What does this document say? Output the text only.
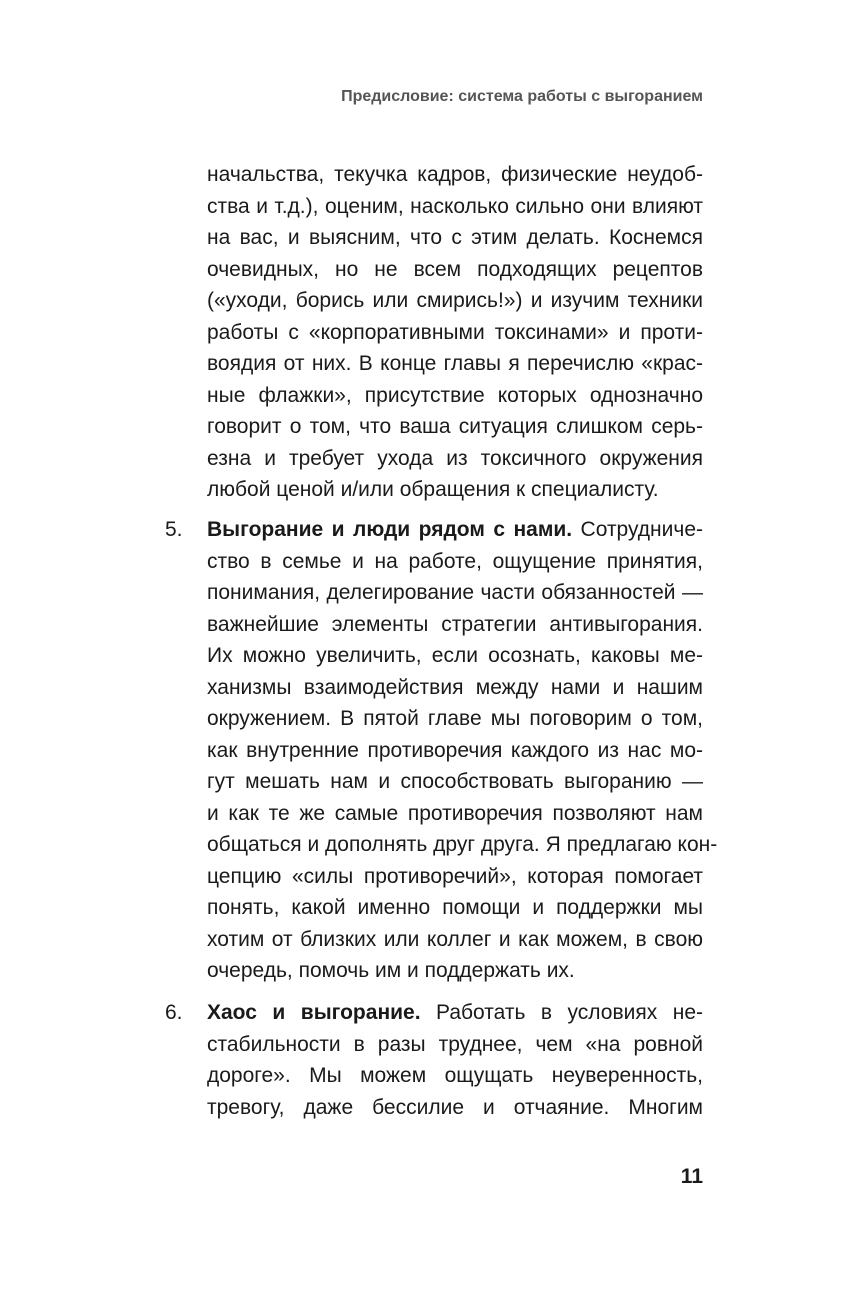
Предисловие: система работы с выгоранием
начальства, текучка кадров, физические неудоб-
ства и т.д.), оценим, насколько сильно они влияют
на вас, и выясним, что с этим делать. Коснемся
очевидных, но не всем подходящих рецептов
(«уходи, борись или смирись!») и изучим техники
работы с «корпоративными токсинами» и проти-
воядия от них. В конце главы я перечислю «крас-
ные флажки», присутствие которых однозначно
говорит о том, что ваша ситуация слишком серь-
езна и требует ухода из токсичного окружения
любой ценой и/или обращения к специалисту.
5. Выгорание и люди рядом с нами. Сотрудниче-
ство в семье и на работе, ощущение принятия,
понимания, делегирование части обязанностей —
важнейшие элементы стратегии антивыгорания.
Их можно увеличить, если осознать, каковы ме-
ханизмы взаимодействия между нами и нашим
окружением. В пятой главе мы поговорим о том,
как внутренние противоречия каждого из нас мо-
гут мешать нам и способствовать выгоранию —
и как те же самые противоречия позволяют нам
общаться и дополнять друг друга. Я предлагаю кон-
цепцию «силы противоречий», которая помогает
понять, какой именно помощи и поддержки мы
хотим от близких или коллег и как можем, в свою
очередь, помочь им и поддержать их.
6. Хаос и выгорание. Работать в условиях не-
стабильности в разы труднее, чем «на ровной
дороге». Мы можем ощущать неуверенность,
тревогу, даже бессилие и отчаяние. Многим
11
